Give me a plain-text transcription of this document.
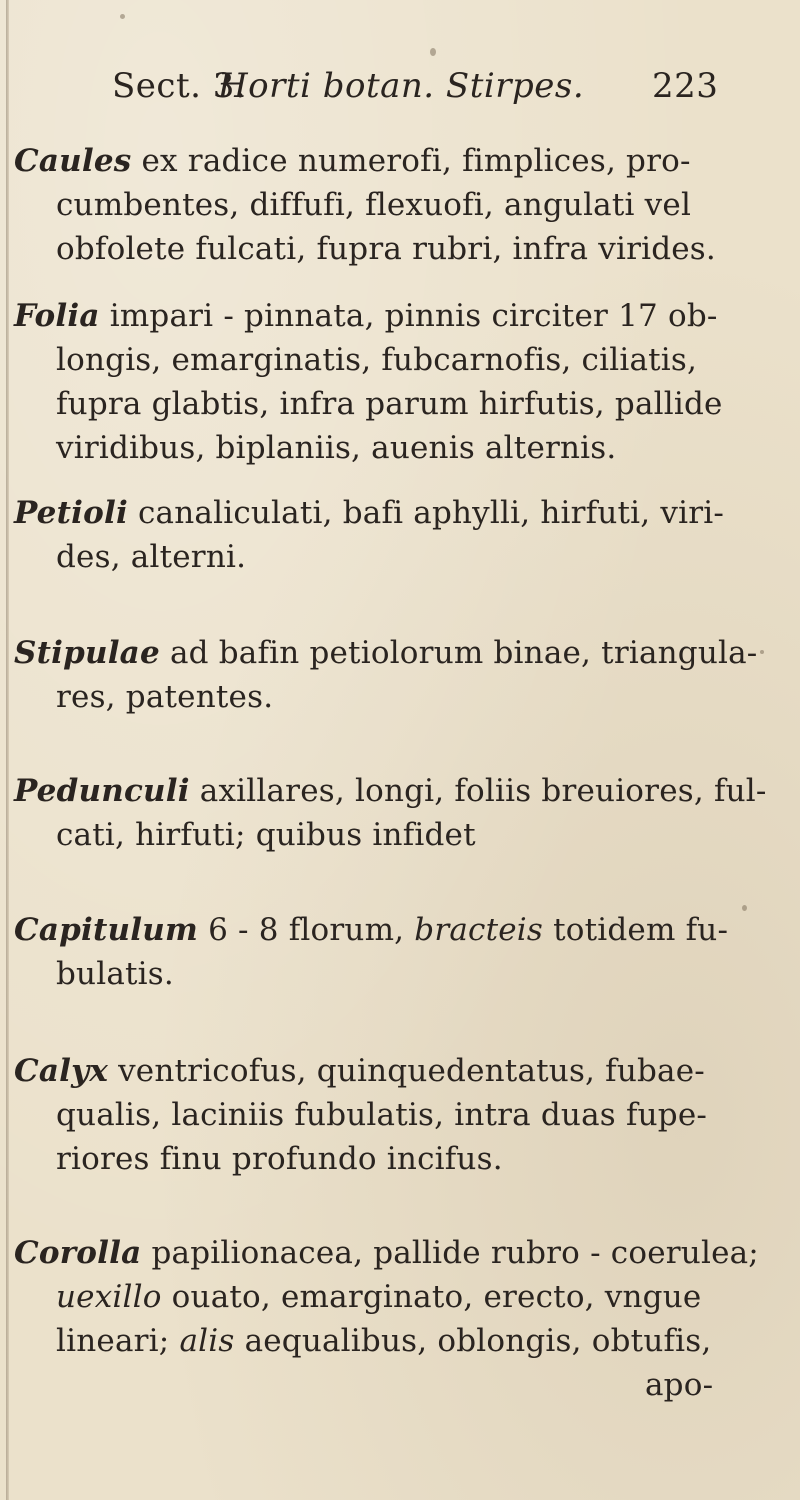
Sect. 3.
Horti botan. Stirpes. 223
Caules ex radice numerofi, fimplices, pro-
cumbentes, diffufi, flexuofi, angulati vel
obfolete fulcati, fupra rubri, infra virides.
Folia impari - pinnata, pinnis circiter 17 ob-
longis, emarginatis, fubcarnofis, ciliatis,
fupra glabtis, infra parum hirfutis, pallide
viridibus, biplaniis, auenis alternis.
Petioli canaliculati, bafi aphylli, hirfuti, viri-
des, alterni.
Stipulae ad bafin petiolorum binae, triangula-
res, patentes.
Pedunculi axillares, longi, foliis breuiores, ful-
cati, hirfuti; quibus infidet
Capitulum 6 - 8 florum, bracteis totidem fu-
bulatis.
Calyx ventricofus, quinquedentatus, fubae-
qualis, laciniis fubulatis, intra duas fupe-
riores finu profundo incifus.
Corolla papilionacea, pallide rubro - coerulea;
uexillo ouato, emarginato, erecto, vngue
lineari; alis aequalibus, oblongis, obtufis,
apo-
